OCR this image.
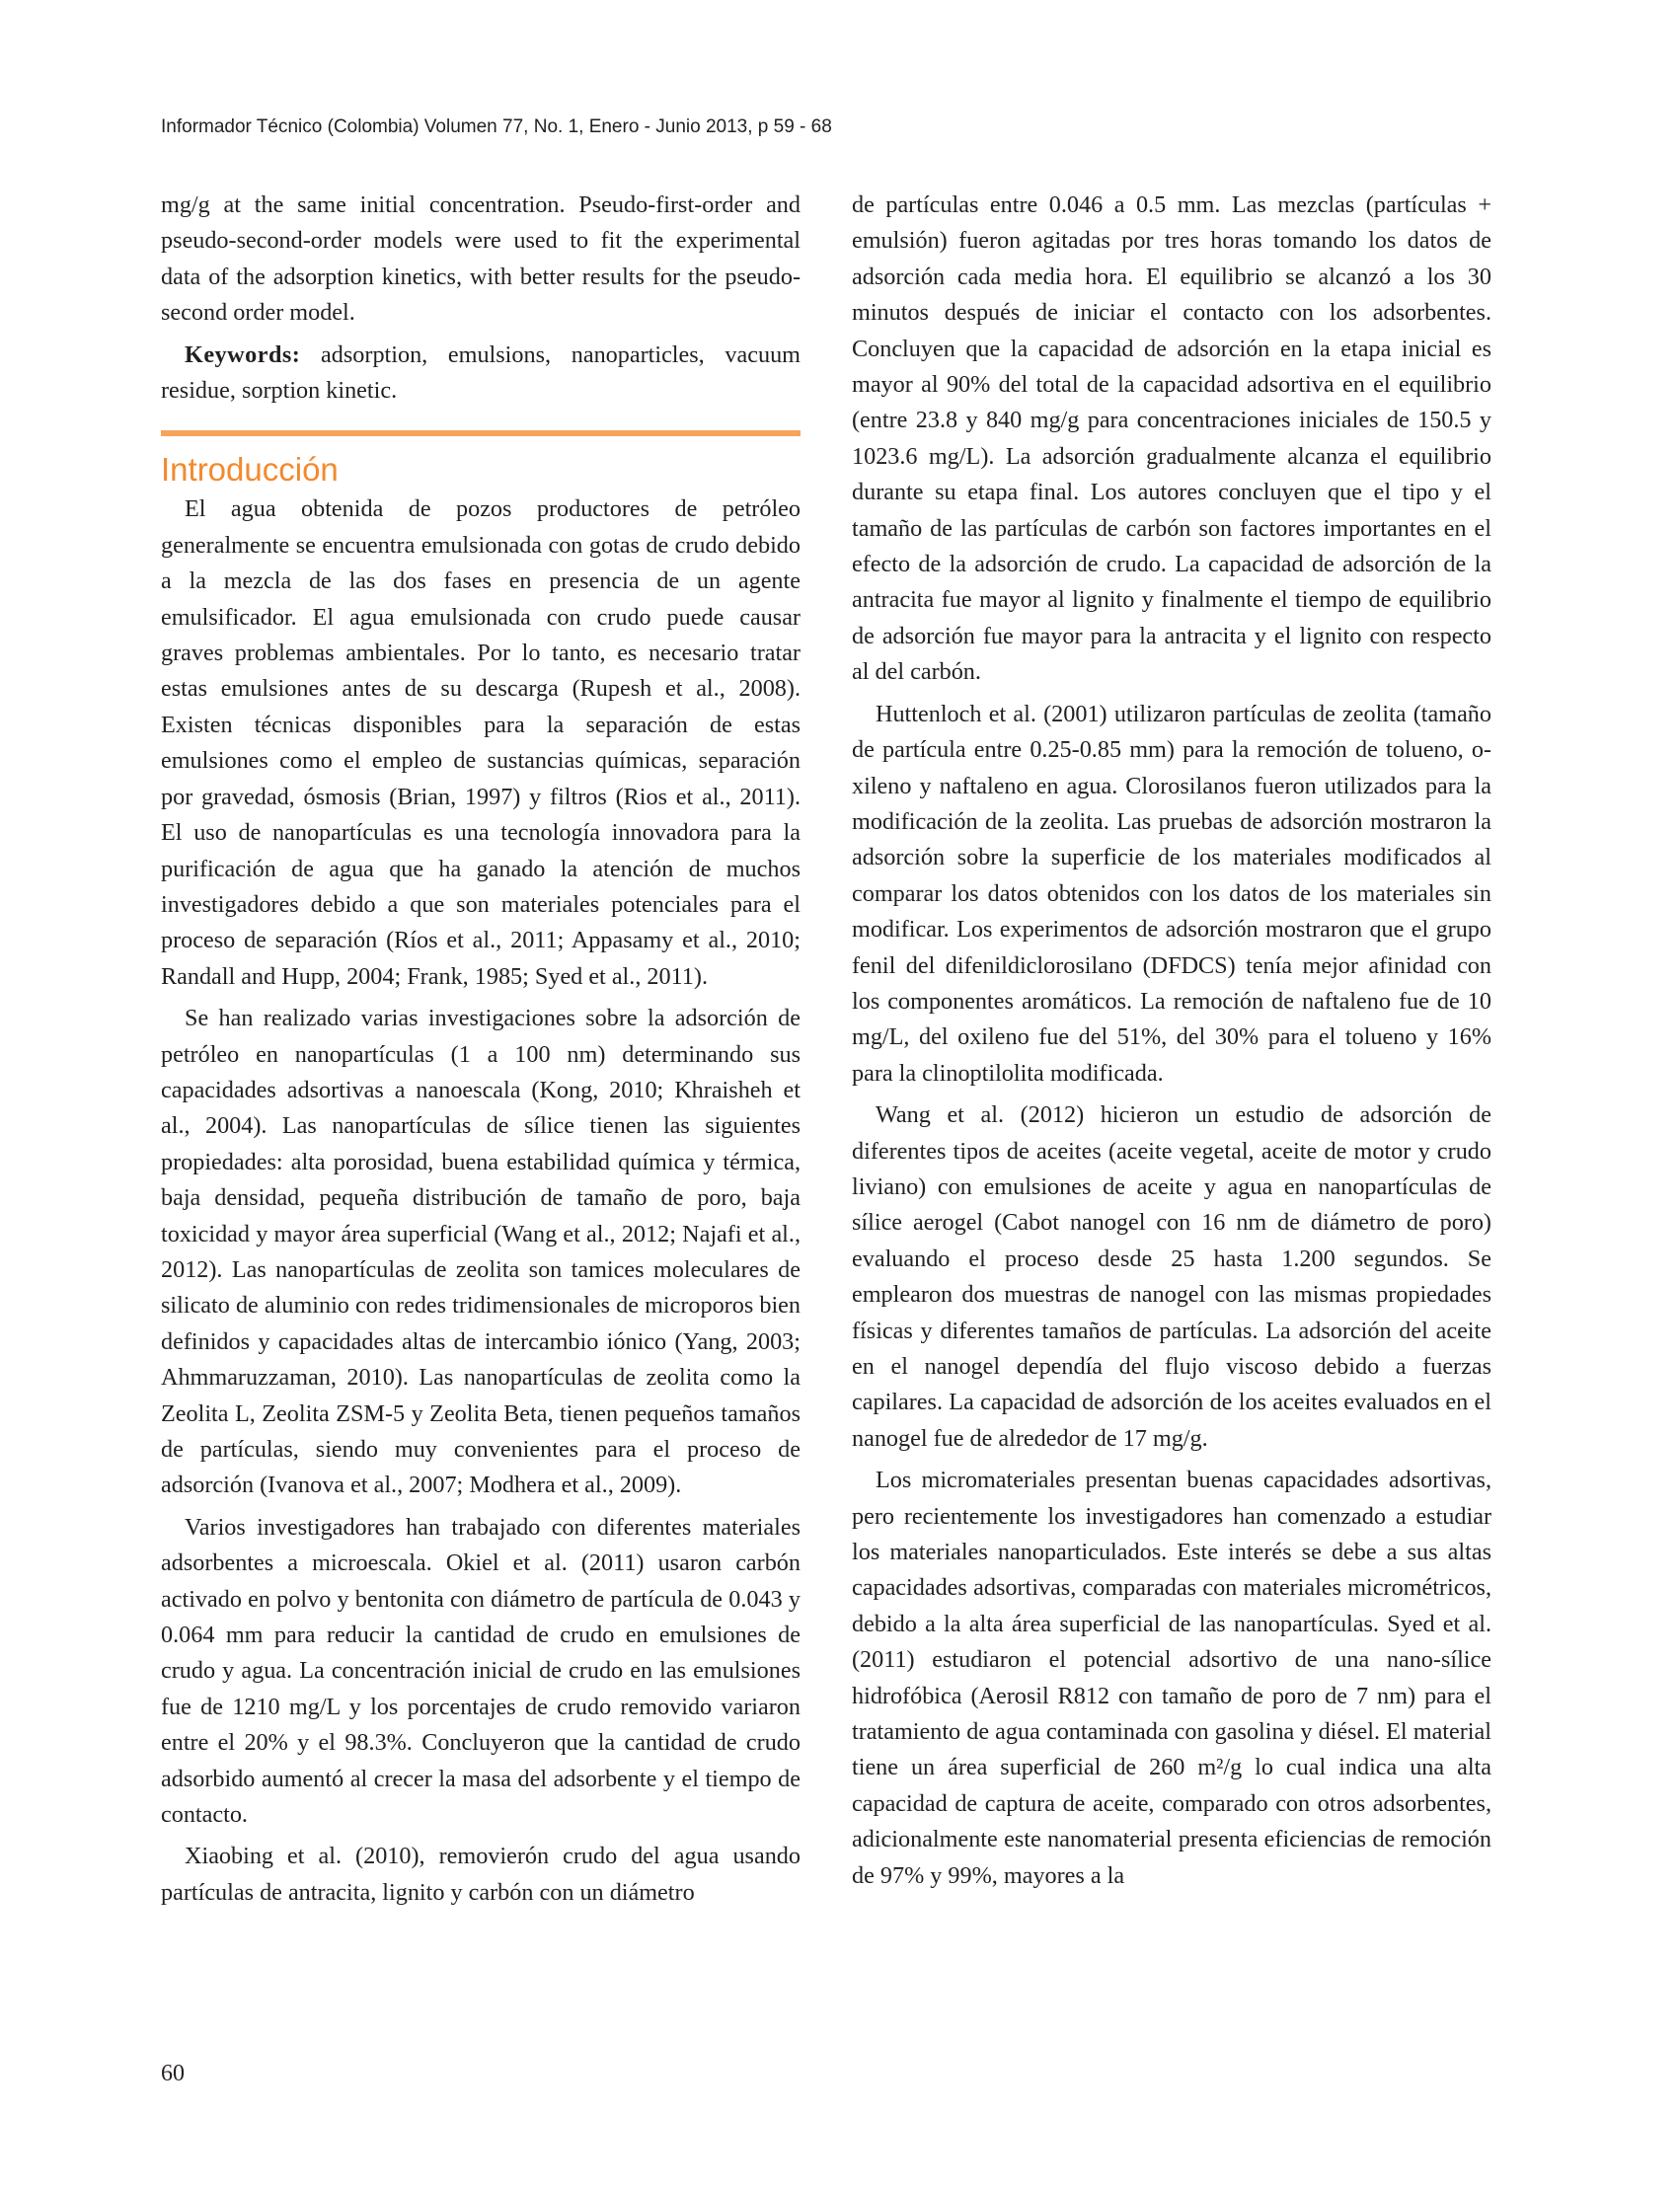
Informador Técnico (Colombia) Volumen 77, No. 1, Enero - Junio 2013, p 59 - 68

mg/g at the same initial concentration. Pseudo-first-order and pseudo-second-order models were used to fit the experimental data of the adsorption kinetics, with better results for the pseudo-second order model.

Keywords: adsorption, emulsions, nanoparticles, vacuum residue, sorption kinetic.

Introducción

El agua obtenida de pozos productores de petróleo generalmente se encuentra emulsionada con gotas de crudo debido a la mezcla de las dos fases en presencia de un agente emulsificador. El agua emulsionada con crudo puede causar graves problemas ambientales. Por lo tanto, es necesario tratar estas emulsiones antes de su descarga (Rupesh et al., 2008). Existen técnicas disponibles para la separación de estas emulsiones como el empleo de sustancias químicas, separación por gravedad, ósmosis (Brian, 1997) y filtros (Rios et al., 2011). El uso de nanopartículas es una tecnología innovadora para la purificación de agua que ha ganado la atención de muchos investigadores debido a que son materiales potenciales para el proceso de separación (Ríos et al., 2011; Appasamy et al., 2010; Randall and Hupp, 2004; Frank, 1985; Syed et al., 2011).

Se han realizado varias investigaciones sobre la adsorción de petróleo en nanopartículas (1 a 100 nm) determinando sus capacidades adsortivas a nanoescala (Kong, 2010; Khraisheh et al., 2004). Las nanopartículas de sílice tienen las siguientes propiedades: alta porosidad, buena estabilidad química y térmica, baja densidad, pequeña distribución de tamaño de poro, baja toxicidad y mayor área superficial (Wang et al., 2012; Najafi et al., 2012). Las nanopartículas de zeolita son tamices moleculares de silicato de aluminio con redes tridimensionales de microporos bien definidos y capacidades altas de intercambio iónico (Yang, 2003; Ahmmaruzzaman, 2010). Las nanopartículas de zeolita como la Zeolita L, Zeolita ZSM-5 y Zeolita Beta, tienen pequeños tamaños de partículas, siendo muy convenientes para el proceso de adsorción (Ivanova et al., 2007; Modhera et al., 2009).

Varios investigadores han trabajado con diferentes materiales adsorbentes a microescala. Okiel et al. (2011) usaron carbón activado en polvo y bentonita con diámetro de partícula de 0.043 y 0.064 mm para reducir la cantidad de crudo en emulsiones de crudo y agua. La concentración inicial de crudo en las emulsiones fue de 1210 mg/L y los porcentajes de crudo removido variaron entre el 20% y el 98.3%. Concluyeron que la cantidad de crudo adsorbido aumentó al crecer la masa del adsorbente y el tiempo de contacto.

Xiaobing et al. (2010), removierón crudo del agua usando partículas de antracita, lignito y carbón con un diámetro

de partículas entre 0.046 a 0.5 mm. Las mezclas (partículas + emulsión) fueron agitadas por tres horas tomando los datos de adsorción cada media hora. El equilibrio se alcanzó a los 30 minutos después de iniciar el contacto con los adsorbentes. Concluyen que la capacidad de adsorción en la etapa inicial es mayor al 90% del total de la capacidad adsortiva en el equilibrio (entre 23.8 y 840 mg/g para concentraciones iniciales de 150.5 y 1023.6 mg/L). La adsorción gradualmente alcanza el equilibrio durante su etapa final. Los autores concluyen que el tipo y el tamaño de las partículas de carbón son factores importantes en el efecto de la adsorción de crudo. La capacidad de adsorción de la antracita fue mayor al lignito y finalmente el tiempo de equilibrio de adsorción fue mayor para la antracita y el lignito con respecto al del carbón.

Huttenloch et al. (2001) utilizaron partículas de zeolita (tamaño de partícula entre 0.25-0.85 mm) para la remoción de tolueno, o-xileno y naftaleno en agua. Clorosilanos fueron utilizados para la modificación de la zeolita. Las pruebas de adsorción mostraron la adsorción sobre la superficie de los materiales modificados al comparar los datos obtenidos con los datos de los materiales sin modificar. Los experimentos de adsorción mostraron que el grupo fenil del difenildiclorosilano (DFDCS) tenía mejor afinidad con los componentes aromáticos. La remoción de naftaleno fue de 10 mg/L, del oxileno fue del 51%, del 30% para el tolueno y 16% para la clinoptilolita modificada.

Wang et al. (2012) hicieron un estudio de adsorción de diferentes tipos de aceites (aceite vegetal, aceite de motor y crudo liviano) con emulsiones de aceite y agua en nanopartículas de sílice aerogel (Cabot nanogel con 16 nm de diámetro de poro) evaluando el proceso desde 25 hasta 1.200 segundos. Se emplearon dos muestras de nanogel con las mismas propiedades físicas y diferentes tamaños de partículas. La adsorción del aceite en el nanogel dependía del flujo viscoso debido a fuerzas capilares. La capacidad de adsorción de los aceites evaluados en el nanogel fue de alrededor de 17 mg/g.

Los micromateriales presentan buenas capacidades adsortivas, pero recientemente los investigadores han comenzado a estudiar los materiales nanoparticulados. Este interés se debe a sus altas capacidades adsortivas, comparadas con materiales micrométricos, debido a la alta área superficial de las nanopartículas. Syed et al. (2011) estudiaron el potencial adsortivo de una nano-sílice hidrofóbica (Aerosil R812 con tamaño de poro de 7 nm) para el tratamiento de agua contaminada con gasolina y diésel. El material tiene un área superficial de 260 m²/g lo cual indica una alta capacidad de captura de aceite, comparado con otros adsorbentes, adicionalmente este nanomaterial presenta eficiencias de remoción de 97% y 99%, mayores a la

60
